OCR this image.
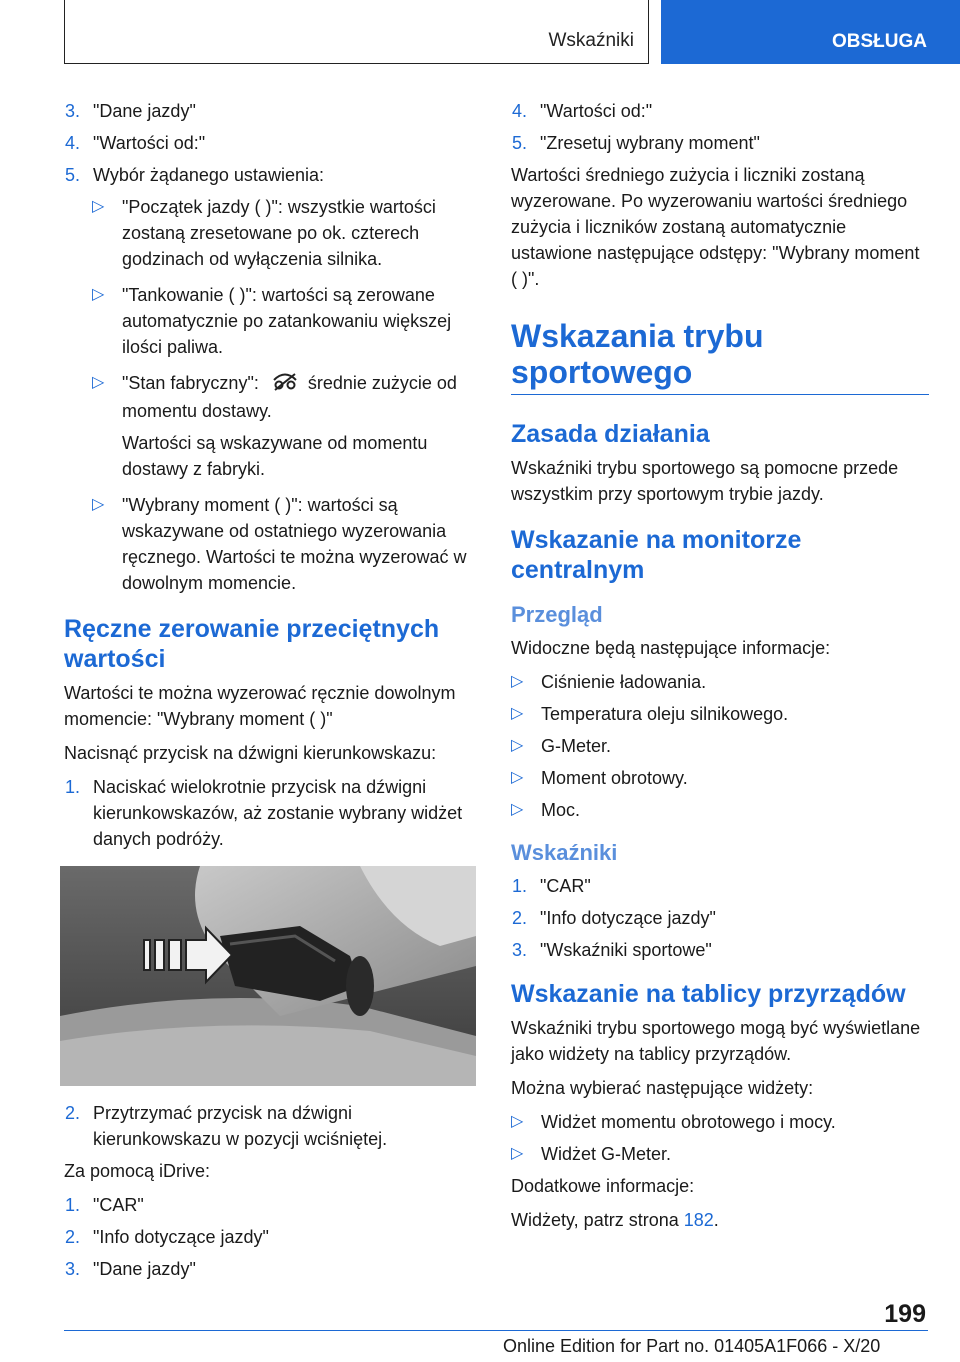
Wskaźniki	OBSŁUGA
3. "Dane jazdy"
4. "Wartości od:"
5. Wybór żądanego ustawienia:
▷ "Początek jazdy ( )": wszystkie wartości zostaną zresetowane po ok. czterech godzinach od wyłączenia silnika.
▷ "Tankowanie ( )": wartości są zerowane automatycznie po zatankowaniu większej ilości paliwa.
▷ "Stan fabryczny": średnie zużycie od momentu dostawy.
Wartości są wskazywane od momentu dostawy z fabryki.
▷ "Wybrany moment ( )": wartości są wskazywane od ostatniego wyzerowania ręcznego. Wartości te można wyzerować w dowolnym momencie.
Ręczne zerowanie przeciętnych wartości

Wartości te można wyzerować ręcznie dowolnym momencie: "Wybrany moment ( )"

Nacisnąć przycisk na dźwigni kierunkowskazu:

1. Naciskać wielokrotnie przycisk na dźwigni kierunkowskazów, aż zostanie wybrany widżet danych podróży.
2. Przytrzymać przycisk na dźwigni kierunkowskazu w pozycji wciśniętej.

Za pomocą iDrive:

1. "CAR"
2. "Info dotyczące jazdy"
3. "Dane jazdy"
4. "Wartości od:"
5. "Zresetuj wybrany moment"

Wartości średniego zużycia i liczniki zostaną wyzerowane. Po wyzerowaniu wartości średniego zużycia i liczników zostaną automatycznie ustawione następujące odstępy: "Wybrany moment ( )".

Wskazania trybu sportowego
Zasada działania

Wskaźniki trybu sportowego są pomocne przede wszystkim przy sportowym trybie jazdy.

Wskazanie na monitorze centralnym
Przegląd

Widoczne będą następujące informacje:

▷ Ciśnienie ładowania.
▷ Temperatura oleju silnikowego.
▷ G-Meter.
▷ Moment obrotowy.
▷ Moc.
Wskaźniki
1. "CAR"
2. "Info dotyczące jazdy"
3. "Wskaźniki sportowe"
Wskazanie na tablicy przyrządów

Wskaźniki trybu sportowego mogą być wyświetlane jako widżety na tablicy przyrządów.

Można wybierać następujące widżety:

▷ Widżet momentu obrotowego i mocy.
▷ Widżet G-Meter.

Dodatkowe informacje:

Widżety, patrz strona 182.

199
Online Edition for Part no. 01405A1F066 - X/20
